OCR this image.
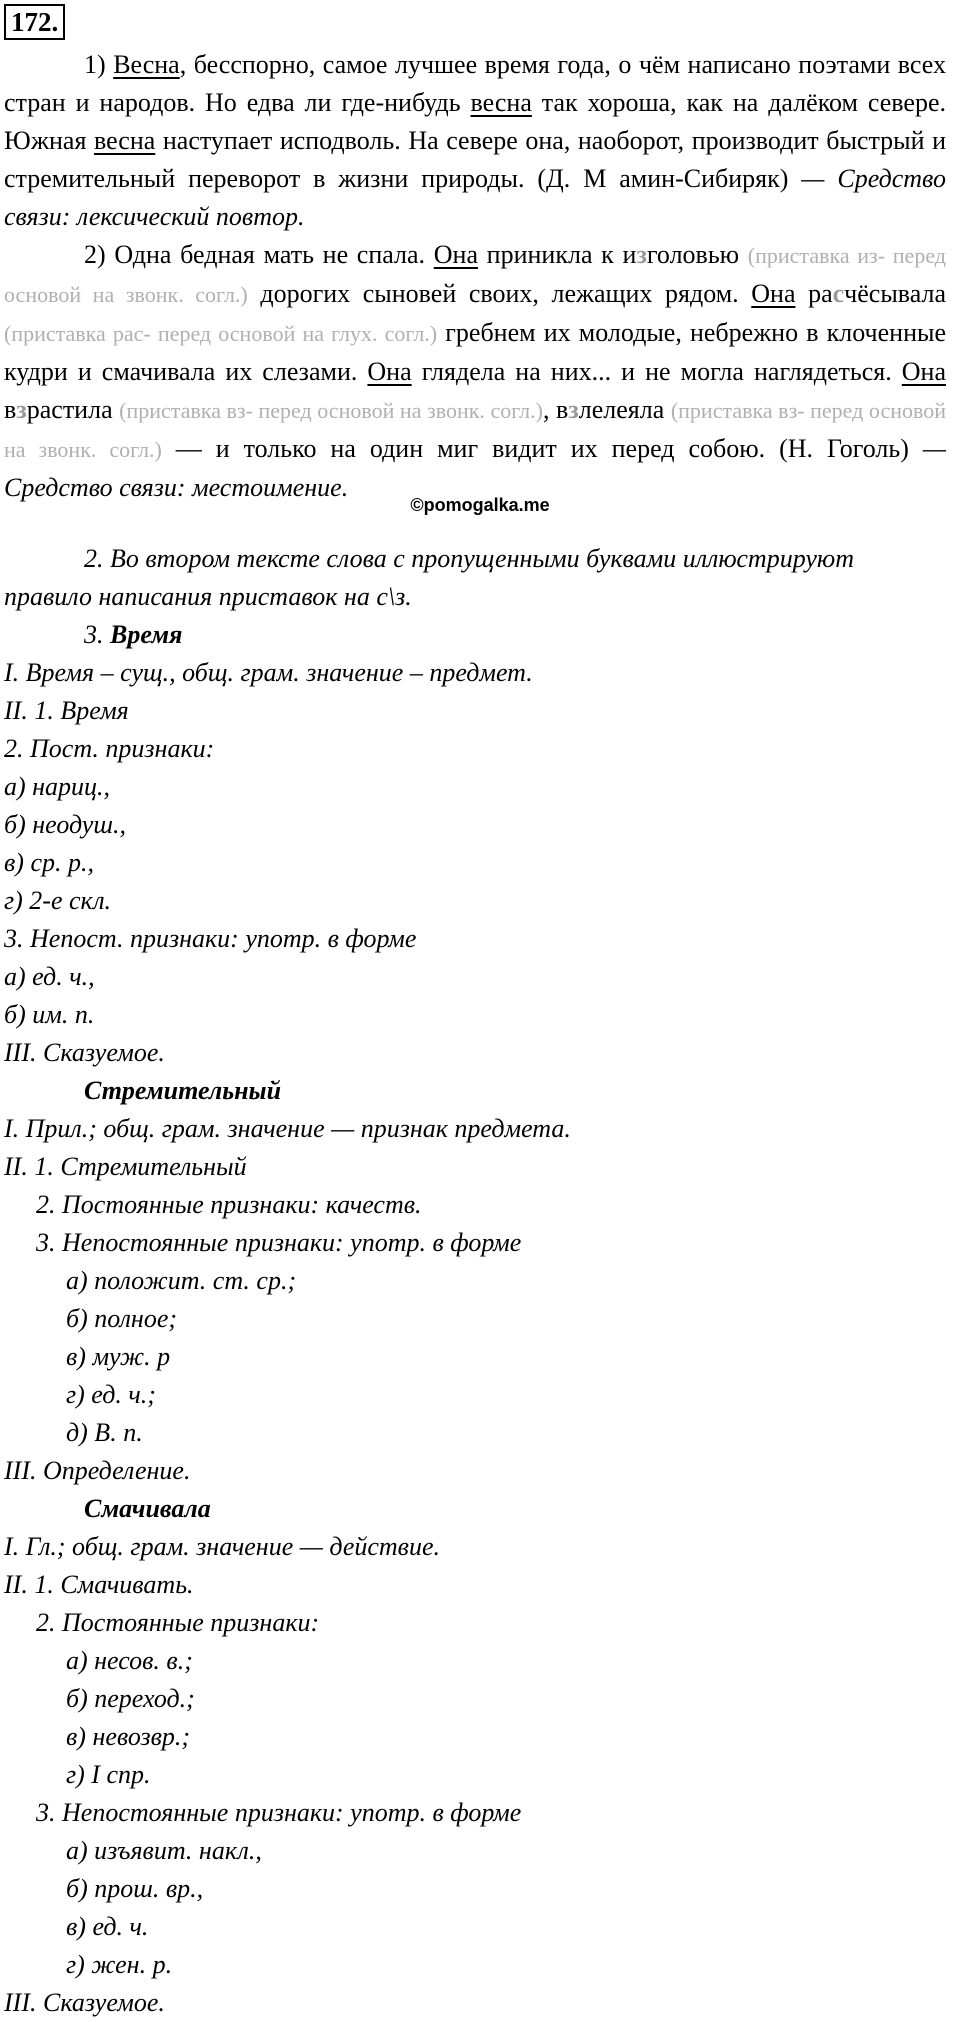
172.
1) Весна, бесспорно, самое лучшее время года, о чём написано поэтами всех стран и народов. Но едва ли где-нибудь весна так хороша, как на далёком севере. Южная весна наступает исподволь. На севере она, наоборот, производит быстрый и стремительный переворот в жизни природы. (Д. М амин-Сибиряк) — Средство связи: лексический повтор.
2) Одна бедная мать не спала. Она приникла к изголовью (приставка из- перед основой на звонк. согл.) дорогих сыновей своих, лежащих рядом. Она расчёсывала (приставка рас- перед основой на глух. согл.) гребнем их молодые, небрежно в клоченные кудри и смачивала их слезами. Она глядела на них... и не могла наглядеться. Она взрастила (приставка вз- перед основой на звонк. согл.), взлелеяла (приставка вз- перед основой на звонк. согл.) — и только на один миг видит их перед собою. (Н. Гоголь) — Средство связи: местоимение.
©pomogalka.me
2. Во втором тексте слова с пропущенными буквами иллюстрируют правило написания приставок на с\з.
3. Время
I. Время – сущ., общ. грам. значение – предмет.
II. 1. Время
2. Пост. признаки:
а) нариц.,
б) неодуш.,
в) ср. р.,
г) 2-е скл.
3. Непост. признаки: употр. в форме
а) ед. ч.,
б) им. п.
III. Сказуемое.
Стремительный
I. Прил.; общ. грам. значение — признак предмета.
II. 1. Стремительный
2. Постоянные признаки: качеств.
3. Непостоянные признаки: употр. в форме
а) положит. ст. ср.;
б) полное;
в) муж. р
г) ед. ч.;
д) В. п.
III. Определение.
Смачивала
I. Гл.; общ. грам. значение — действие.
II. 1. Смачивать.
2. Постоянные признаки:
а) несов. в.;
б) переход.;
в) невозвр.;
г) I спр.
3. Непостоянные признаки: употр. в форме
а) изъявит. накл.,
б) прош. вр.,
в) ед. ч.
г) жен. р.
III. Сказуемое.
